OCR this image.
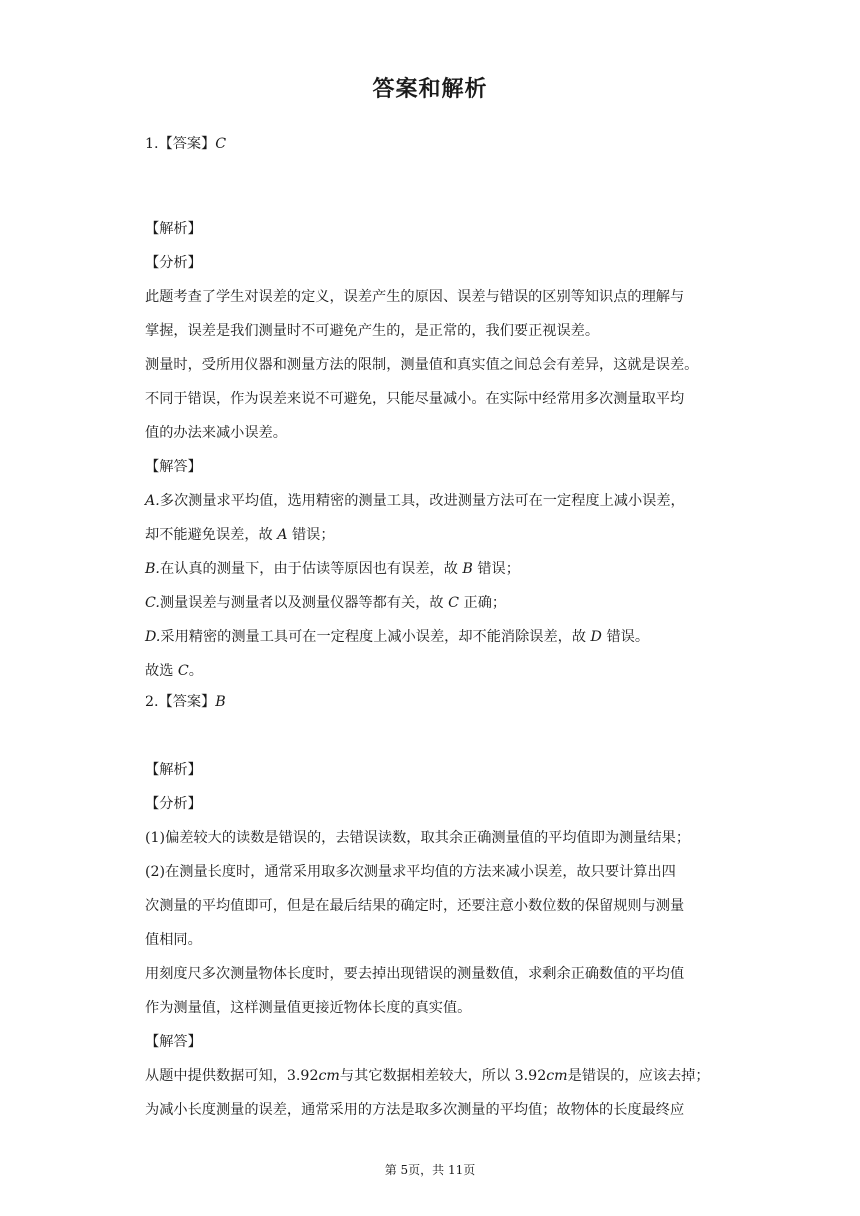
答案和解析
1.【答案】C
【解析】
【分析】
此题考查了学生对误差的定义，误差产生的原因、误差与错误的区别等知识点的理解与
掌握，误差是我们测量时不可避免产生的，是正常的，我们要正视误差。
测量时，受所用仪器和测量方法的限制，测量值和真实值之间总会有差异，这就是误差。
不同于错误，作为误差来说不可避免，只能尽量减小。在实际中经常用多次测量取平均
值的办法来减小误差。
【解答】
A.多次测量求平均值，选用精密的测量工具，改进测量方法可在一定程度上减小误差，
却不能避免误差，故 A 错误；
B.在认真的测量下，由于估读等原因也有误差，故 B 错误；
C.测量误差与测量者以及测量仪器等都有关，故 C 正确；
D.采用精密的测量工具可在一定程度上减小误差，却不能消除误差，故 D 错误。
故选 C。
2.【答案】B
【解析】
【分析】
(1)偏差较大的读数是错误的，去错误读数，取其余正确测量值的平均值即为测量结果；
(2)在测量长度时，通常采用取多次测量求平均值的方法来减小误差，故只要计算出四
次测量的平均值即可，但是在最后结果的确定时，还要注意小数位数的保留规则与测量
值相同。
用刻度尺多次测量物体长度时，要去掉出现错误的测量数值，求剩余正确数值的平均值
作为测量值，这样测量值更接近物体长度的真实值。
【解答】
从题中提供数据可知，3.92cm与其它数据相差较大，所以 3.92cm是错误的，应该去掉；
为减小长度测量的误差，通常采用的方法是取多次测量的平均值；故物体的长度最终应
第 5页，共 11页
